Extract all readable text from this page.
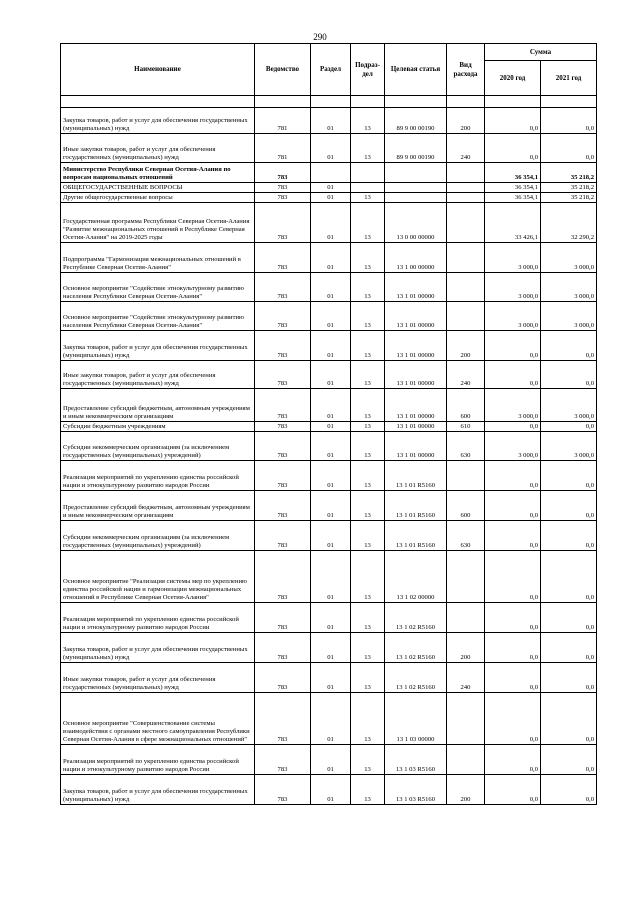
290
Наименование	Ведомство	Раздел	Подраз-дел	Целевая статья	Вид расхода	Сумма	
						2020 год	2021 год

Закупка товаров, работ и услуг для обеспечения государственных (муниципальных) нужд	781	01	13	89 9 00 00190	200	0,0	0,0
Иные закупки товаров, работ и услуг для обеспечения государственных (муниципальных) нужд	781	01	13	89 9 00 00190	240	0,0	0,0
Министерство Республики Северная Осетия-Алания по вопросам национальных отношений	783					36 354,1	35 218,2
ОБЩЕГОСУДАРСТВЕННЫЕ ВОПРОСЫ	783	01				36 354,1	35 218,2
Другие общегосударственные вопросы	783	01	13			36 354,1	35 218,2
Государственная программа Республики Северная Осетия-Алания "Развитие межнациональных отношений в Республике Северная Осетия-Алания" на 2019-2025 годы	783	01	13	13 0 00 00000		33 426,1	32 290,2
Подпрограмма "Гармонизация межнациональных отношений в Республике Северная Осетия-Алания"	783	01	13	13 1 00 00000		3 000,0	3 000,0
Основное мероприятие "Содействие этнокультурному развитию населения Республики Северная Осетия-Алания"	783	01	13	13 1 01 00000		3 000,0	3 000,0
Основное мероприятие "Содействие этнокультурному развитию населения Республики Северная Осетия-Алания"	783	01	13	13 1 01 00000		3 000,0	3 000,0
Закупка товаров, работ и услуг для обеспечения государственных (муниципальных) нужд	783	01	13	13 1 01 00000	200	0,0	0,0
Иные закупки товаров, работ и услуг для обеспечения государственных (муниципальных) нужд	783	01	13	13 1 01 00000	240	0,0	0,0
Предоставление субсидий бюджетным, автономным учреждениям и иным некоммерческим организациям	783	01	13	13 1 01 00000	600	3 000,0	3 000,0
Субсидии бюджетным учреждениям	783	01	13	13 1 01 00000	610	0,0	0,0
Субсидии некоммерческим организациям (за исключением государственных (муниципальных) учреждений)	783	01	13	13 1 01 00000	630	3 000,0	3 000,0
Реализация мероприятий по укреплению единства российской нации и этнокультурному развитию народов России	783	01	13	13 1 01 R5160		0,0	0,0
Предоставление субсидий бюджетным, автономным учреждениям и иным некоммерческим организациям	783	01	13	13 1 01 R5160	600	0,0	0,0
Субсидии некоммерческим организациям (за исключением государственных (муниципальных) учреждений)	783	01	13	13 1 01 R5160	630	0,0	0,0
Основное мероприятие "Реализация системы мер по укреплению единства российской нации и гармонизации межнациональных отношений в Республике Северная Осетия-Алания"	783	01	13	13 1 02 00000		0,0	0,0
Реализация мероприятий по укреплению единства российской нации и этнокультурному развитию народов России	783	01	13	13 1 02 R5160		0,0	0,0
Закупка товаров, работ и услуг для обеспечения государственных (муниципальных) нужд	783	01	13	13 1 02 R5160	200	0,0	0,0
Иные закупки товаров, работ и услуг для обеспечения государственных (муниципальных) нужд	783	01	13	13 1 02 R5160	240	0,0	0,0
Основное мероприятие "Совершенствование системы взаимодействия с органами местного самоуправления Республики Северная Осетия-Алания в сфере межнациональных отношений"	783	01	13	13 1 03 00000		0,0	0,0
Реализация мероприятий по укреплению единства российской нации и этнокультурному развитию народов России	783	01	13	13 1 03 R5160		0,0	0,0
Закупка товаров, работ и услуг для обеспечения государственных (муниципальных) нужд	783	01	13	13 1 03 R5160	200	0,0	0,0
